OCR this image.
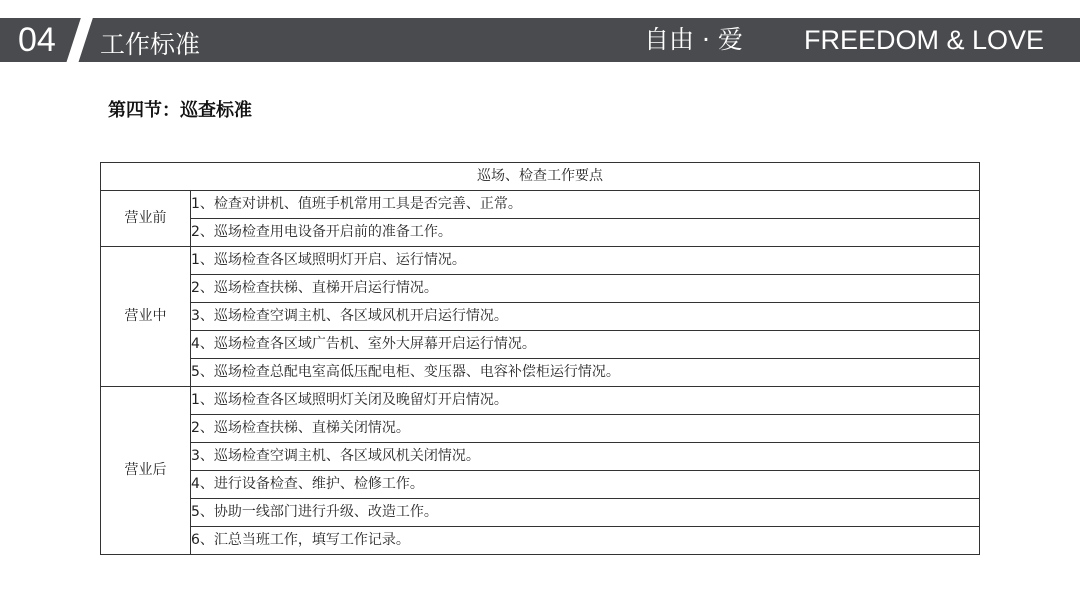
04 工作标准	自由 · 爱 FREEDOM & LOVE
第四节：巡查标准
巡场、检查工作要点	
营业前	1、检查对讲机、值班手机常用工具是否完善、正常。
	2、巡场检查用电设备开启前的准备工作。
营业中	1、巡场检查各区域照明灯开启、运行情况。
	2、巡场检查扶梯、直梯开启运行情况。
	3、巡场检查空调主机、各区域风机开启运行情况。
	4、巡场检查各区域广告机、室外大屏幕开启运行情况。
	5、巡场检查总配电室高低压配电柜、变压器、电容补偿柜运行情况。
营业后	1、巡场检查各区域照明灯关闭及晚留灯开启情况。
	2、巡场检查扶梯、直梯关闭情况。
	3、巡场检查空调主机、各区域风机关闭情况。
	4、进行设备检查、维护、检修工作。
	5、协助一线部门进行升级、改造工作。
	6、汇总当班工作，填写工作记录。
